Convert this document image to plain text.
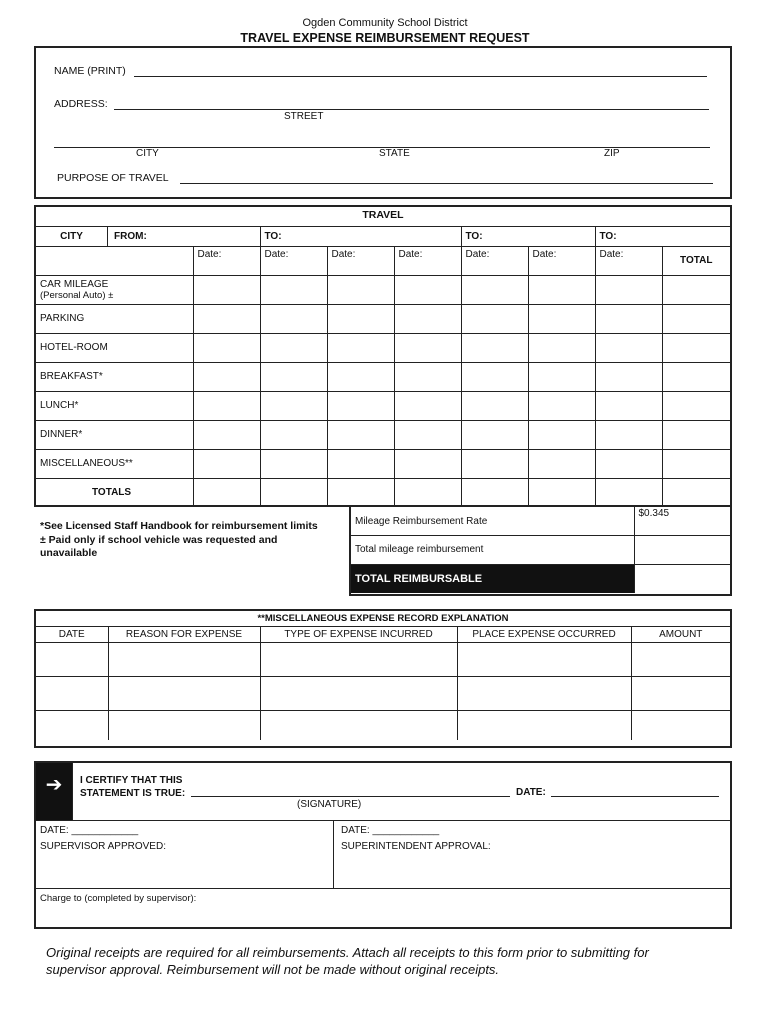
Ogden Community School District
TRAVEL EXPENSE REIMBURSEMENT REQUEST
NAME (PRINT)
ADDRESS:
STREET
CITY	STATE	ZIP
PURPOSE OF TRAVEL
TRAVEL								

CITY FROM:		TO:			TO:		TO:	
	Date:	Date:	Date:	Date:	Date:	Date:	Date:	TOTAL

CAR MILEAGE
(Personal Auto) ±								

PARKING								
HOTEL-ROOM								
BREAKFAST*								
LUNCH*								
DINNER*								
MISCELLANEOUS**								
TOTALS								
*See Licensed Staff Handbook for reimbursement limits
± Paid only if school vehicle was requested and
unavailable
Mileage Reimbursement Rate	$0.345
Total mileage reimbursement	
TOTAL REIMBURSABLE	
**MISCELLANEOUS EXPENSE RECORD EXPLANATION				
DATE	REASON FOR EXPENSE	TYPE OF EXPENSE INCURRED	PLACE EXPENSE OCCURRED	AMOUNT

➔	I CERTIFY THAT THIS
STATEMENT IS TRUE:	DATE:
(SIGNATURE)
DATE: ____________
SUPERVISOR APPROVED:
DATE: ____________
SUPERINTENDENT APPROVAL:
Charge to (completed by supervisor):
Original receipts are required for all reimbursements. Attach all receipts to this form prior to submitting for
supervisor approval. Reimbursement will not be made without original receipts.
